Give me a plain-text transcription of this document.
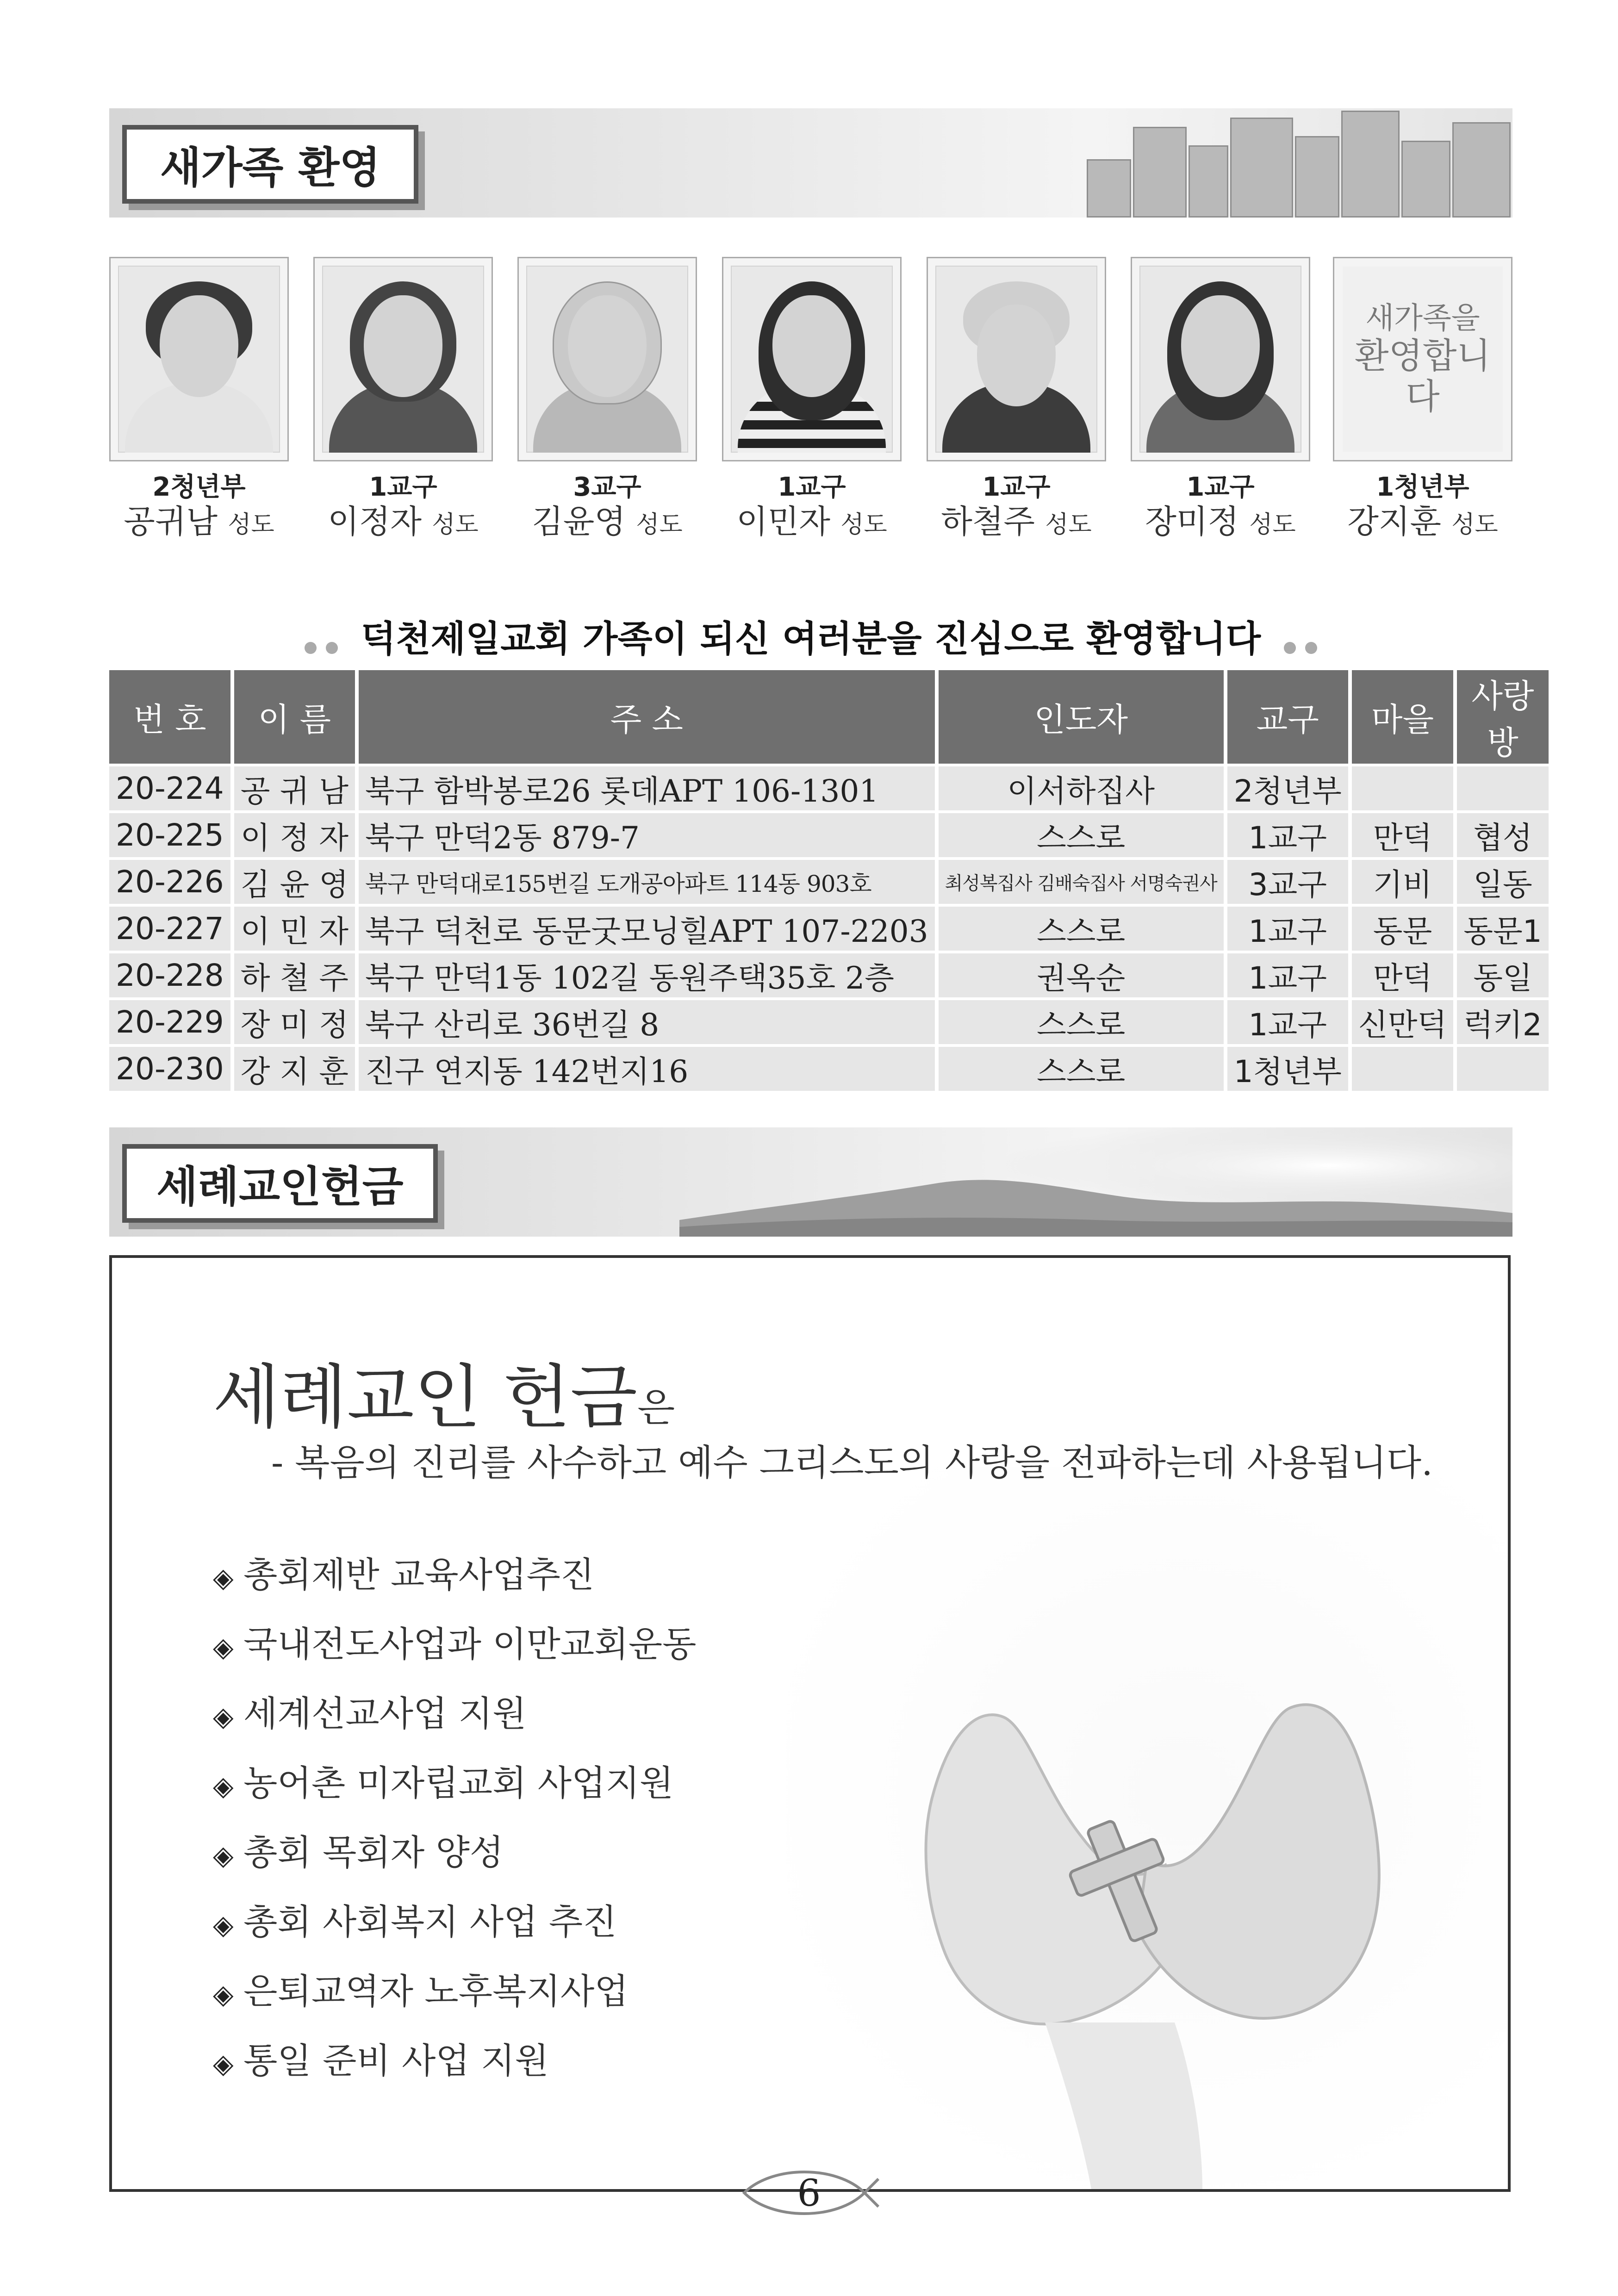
새가족 환영
2청년부
공귀남 성도
1교구
이정자 성도
3교구
김윤영 성도
1교구
이민자 성도
1교구
하철주 성도
1교구
장미정 성도
새가족을
환영합니다
1청년부
강지훈 성도
덕천제일교회 가족이 되신 여러분을 진심으로 환영합니다
번 호	이 름	주 소	인도자	교구	마을	사랑방
20-224	공 귀 남	북구 함박봉로26 롯데APT 106-1301	이서하집사	2청년부		
20-225	이 정 자	북구 만덕2동 879-7	스스로	1교구	만덕	협성
20-226	김 윤 영	북구 만덕대로155번길 도개공아파트 114동 903호	최성복집사 김배숙집사 서명숙권사	3교구	기비	일동
20-227	이 민 자	북구 덕천로 동문굿모닝힐APT 107-2203	스스로	1교구	동문	동문1
20-228	하 철 주	북구 만덕1동 102길 동원주택35호 2층	권옥순	1교구	만덕	동일
20-229	장 미 정	북구 산리로 36번길 8	스스로	1교구	신만덕	럭키2
20-230	강 지 훈	진구 연지동 142번지16	스스로	1청년부		
세례교인헌금
세례교인 헌금은
- 복음의 진리를 사수하고 예수 그리스도의 사랑을 전파하는데 사용됩니다.
◈ 총회제반 교육사업추진
◈ 국내전도사업과 이만교회운동
◈ 세계선교사업 지원
◈ 농어촌 미자립교회 사업지원
◈ 총회 목회자 양성
◈ 총회 사회복지 사업 추진
◈ 은퇴교역자 노후복지사업
◈ 통일 준비 사업 지원
6
